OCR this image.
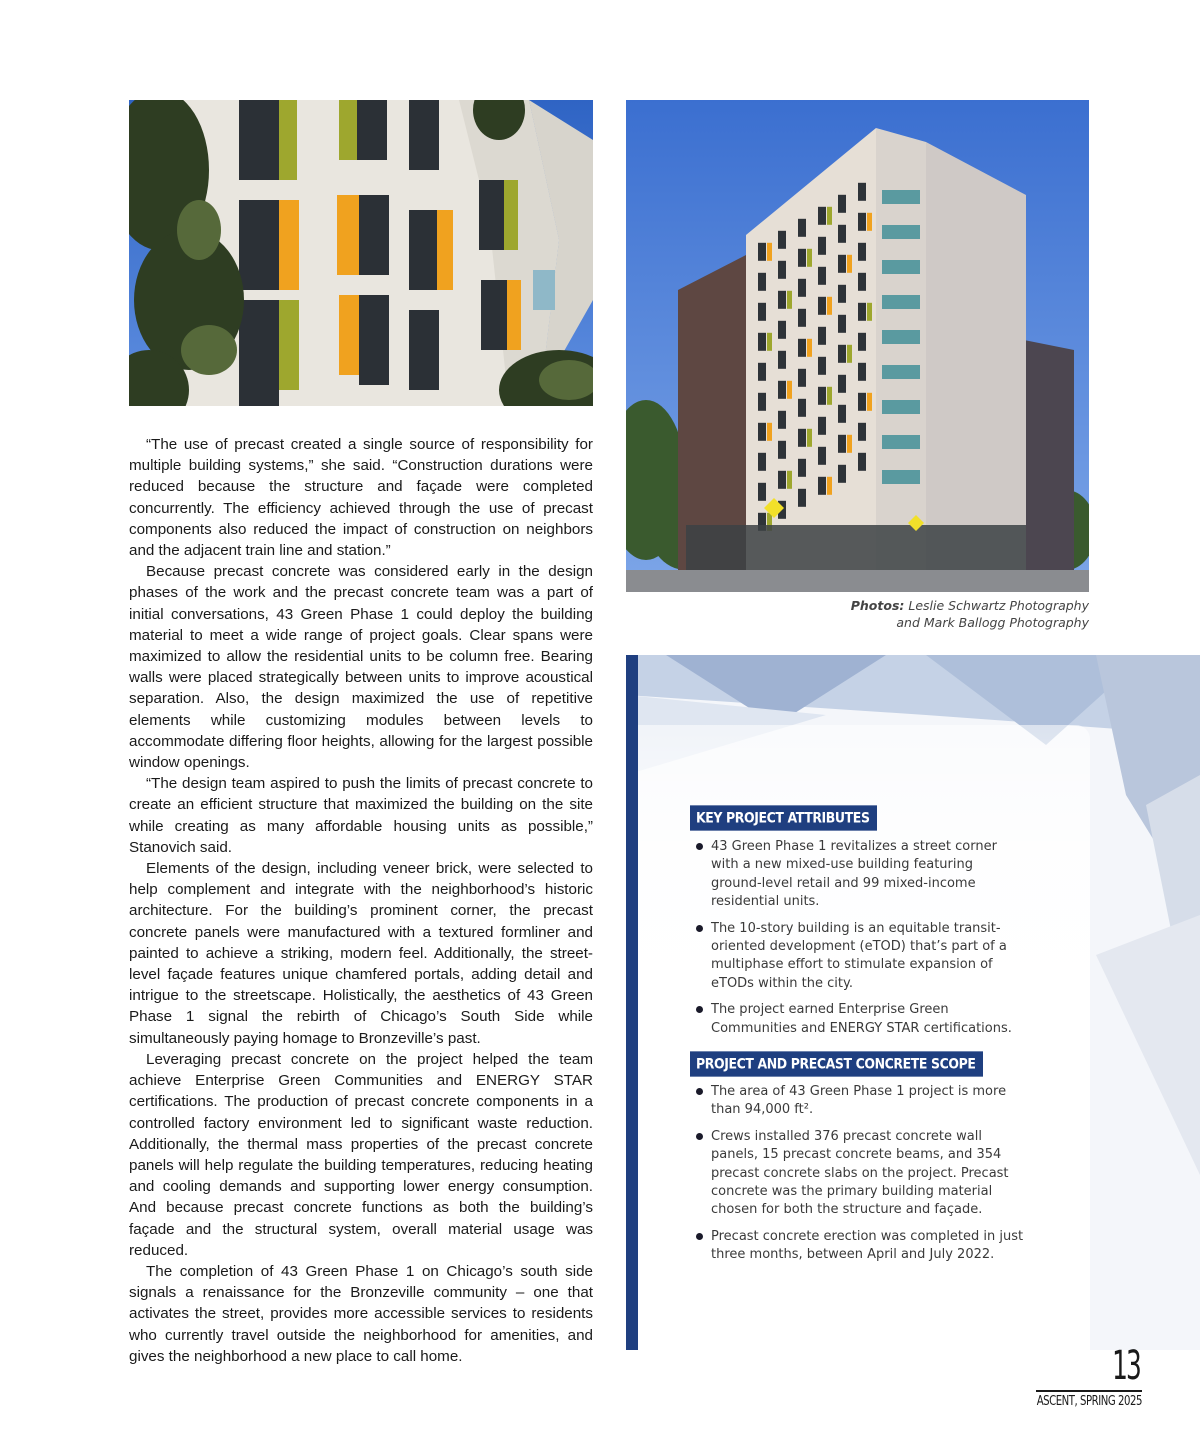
Photos: Leslie Schwartz Photography
and Mark Ballogg Photography

“The use of precast created a single source of responsibility for multiple building systems,” she said. “Construction durations were reduced because the structure and façade were completed concurrently. The efficiency achieved through the use of precast components also reduced the impact of construction on neighbors and the adjacent train line and station.”

Because precast concrete was considered early in the design phases of the work and the precast concrete team was a part of initial conversations, 43 Green Phase 1 could deploy the building material to meet a wide range of project goals. Clear spans were maximized to allow the residential units to be column free. Bearing walls were placed strategically between units to improve acoustical separation. Also, the design maximized the use of repetitive elements while customizing modules between levels to accommodate differing floor heights, allowing for the largest possible window openings.

“The design team aspired to push the limits of precast concrete to create an efficient structure that maximized the building on the site while creating as many affordable housing units as possible,” Stanovich said.

Elements of the design, including veneer brick, were selected to help complement and integrate with the neighborhood’s historic architecture. For the building’s prominent corner, the precast concrete panels were manufactured with a textured formliner and painted to achieve a striking, modern feel. Additionally, the street-level façade features unique chamfered portals, adding detail and intrigue to the streetscape. Holistically, the aesthetics of 43 Green Phase 1 signal the rebirth of Chicago’s South Side while simultaneously paying homage to Bronzeville’s past.

Leveraging precast concrete on the project helped the team achieve Enterprise Green Communities and ENERGY STAR certifications. The production of precast concrete components in a controlled factory environment led to significant waste reduction. Additionally, the thermal mass properties of the precast concrete panels will help regulate the building temperatures, reducing heating and cooling demands and supporting lower energy consumption. And because precast concrete functions as both the building’s façade and the structural system, overall material usage was reduced.

The completion of 43 Green Phase 1 on Chicago’s south side signals a renaissance for the Bronzeville community – one that activates the street, provides more accessible services to residents who currently travel outside the neighborhood for amenities, and gives the neighborhood a new place to call home.

KEY PROJECT ATTRIBUTES
43 Green Phase 1 revitalizes a street corner with a new mixed-use building featuring ground-level retail and 99 mixed-income residential units.
The 10-story building is an equitable transit-oriented development (eTOD) that’s part of a multiphase effort to stimulate expansion of eTODs within the city.
The project earned Enterprise Green Communities and ENERGY STAR certifications.
PROJECT AND PRECAST CONCRETE SCOPE
The area of 43 Green Phase 1 project is more than 94,000 ft².
Crews installed 376 precast concrete wall panels, 15 precast concrete beams, and 354 precast concrete slabs on the project. Precast concrete was the primary building material chosen for both the structure and façade.
Precast concrete erection was completed in just three months, between April and July 2022.
13
ASCENT, SPRING 2025
